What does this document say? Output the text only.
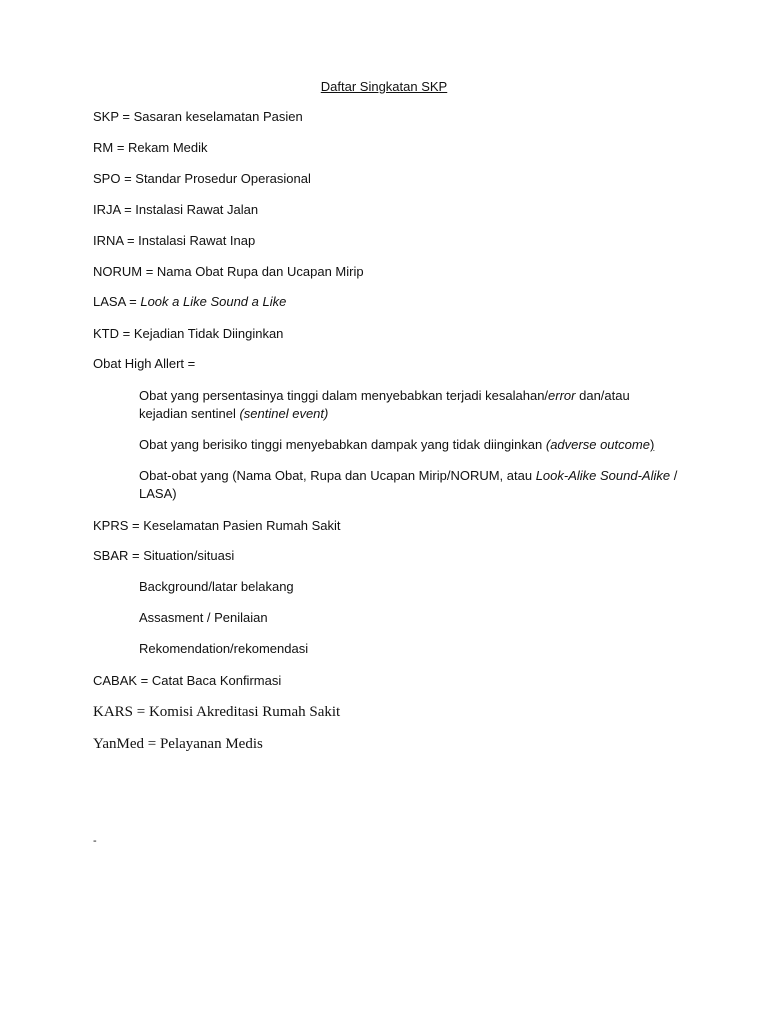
Daftar Singkatan SKP
SKP = Sasaran keselamatan Pasien
RM = Rekam Medik
SPO = Standar Prosedur Operasional
IRJA = Instalasi Rawat Jalan
IRNA = Instalasi Rawat Inap
NORUM = Nama Obat Rupa dan Ucapan Mirip
LASA = Look a Like Sound a Like
KTD = Kejadian Tidak Diinginkan
Obat High Allert =
Obat yang persentasinya tinggi dalam menyebabkan terjadi kesalahan/error dan/atau
kejadian sentinel (sentinel event)
Obat yang berisiko tinggi menyebabkan dampak yang tidak diinginkan (adverse outcome)
Obat-obat yang (Nama Obat, Rupa dan Ucapan Mirip/NORUM, atau Look-Alike Sound-Alike /
LASA)
KPRS = Keselamatan Pasien Rumah Sakit
SBAR = Situation/situasi
Background/latar belakang
Assasment / Penilaian
Rekomendation/rekomendasi
CABAK = Catat Baca Konfirmasi
KARS = Komisi Akreditasi Rumah Sakit
YanMed = Pelayanan Medis
-
